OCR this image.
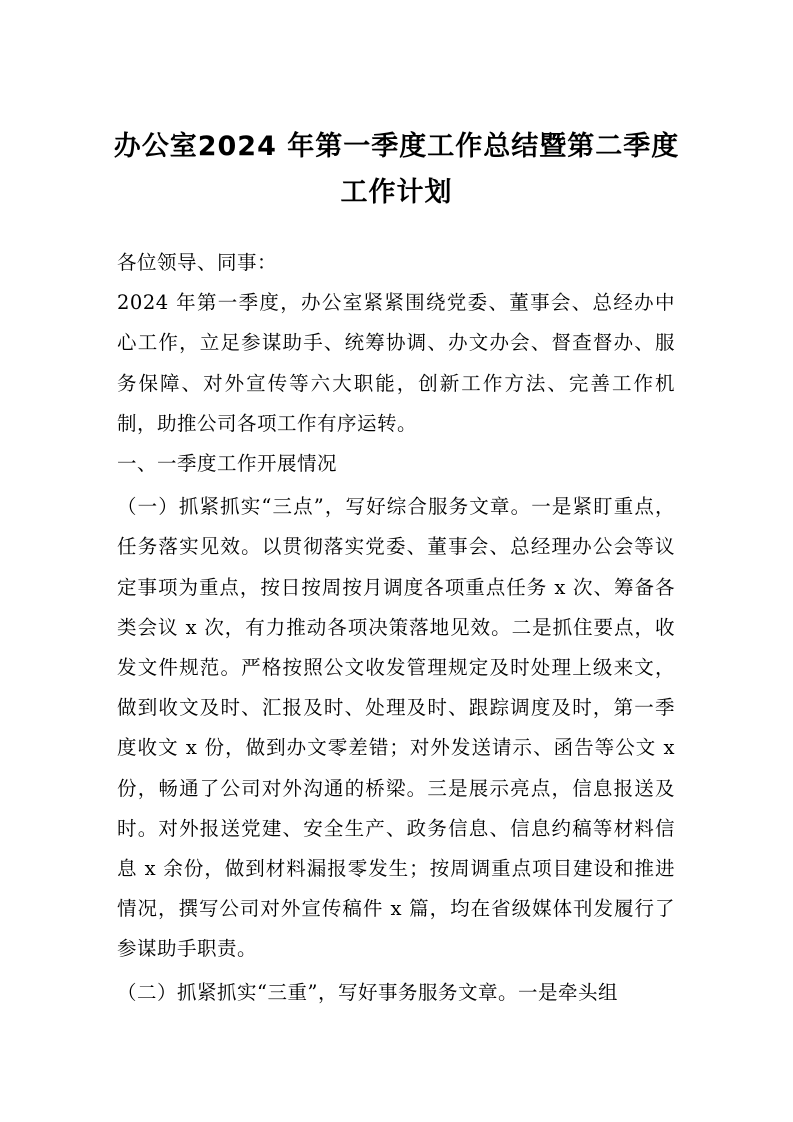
办公室2024 年第一季度工作总结暨第二季度工作计划

各位领导、同事：

2024 年第一季度，办公室紧紧围绕党委、董事会、总经办中心工作，立足参谋助手、统筹协调、办文办会、督查督办、服务保障、对外宣传等六大职能，创新工作方法、完善工作机制，助推公司各项工作有序运转。

一、一季度工作开展情况

（一）抓紧抓实“三点”，写好综合服务文章。一是紧盯重点，任务落实见效。以贯彻落实党委、董事会、总经理办公会等议定事项为重点，按日按周按月调度各项重点任务 x 次、筹备各类会议 x 次，有力推动各项决策落地见效。二是抓住要点，收发文件规范。严格按照公文收发管理规定及时处理上级来文，做到收文及时、汇报及时、处理及时、跟踪调度及时，第一季度收文 x 份，做到办文零差错；对外发送请示、函告等公文 x 份，畅通了公司对外沟通的桥梁。三是展示亮点，信息报送及时。对外报送党建、安全生产、政务信息、信息约稿等材料信息 x 余份，做到材料漏报零发生；按周调重点项目建设和推进情况，撰写公司对外宣传稿件 x 篇，均在省级媒体刊发履行了参谋助手职责。

（二）抓紧抓实“三重”，写好事务服务文章。一是牵头组
